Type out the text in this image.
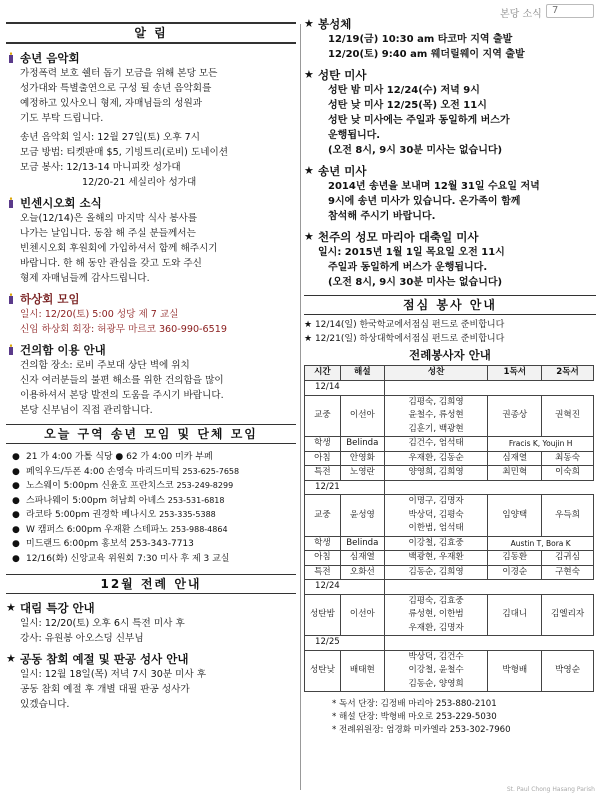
본당 소식	7
알 림
송년 음악회
가정폭력 보호 쉘터 돕기 모금을 위해 본당 모든
성가대와 특별출연으로 구성 될 송년 음악회를
예정하고 있사오니 형제, 자매님들의 성원과
기도 부탁 드립니다.
송년 음악회 일시: 12월 27일(토) 오후 7시
모금 방법: 티켓판매 $5, 기빙트리(로비) 도네이션
모금 봉사: 12/13-14 마니피캇 성가대
12/20-21 세실리아 성가대
빈센시오회 소식
오늘(12/14)은 올해의 마지막 식사 봉사를
나가는 날입니다. 동참 해 주실 분들께서는
빈첸시오회 후원회에 가입하셔서 함께 해주시기
바랍니다. 한 해 동안 관심을 갖고 도와 주신
형제 자매님들께 감사드립니다.
하상회 모임
일시: 12/20(토) 5:00 성당 제 7 교실
신임 하상회 회장: 허광무 마르코 360-990-6519
건의함 이용 안내
건의함 장소: 로비 주보대 상단 벽에 위치
신자 여러분들의 불편 해소를 위한 건의함을 많이
이용하셔서 본당 발전의 도움을 주시기 바랍니다.
본당 신부님이 직접 관리합니다.
오늘 구역 송년 모임 및 단체 모임
● 21 가 4:00 가톨 식당 ● 62 가 4:00 미카 부페
● 페익우드/두폰 4:00 손영숙 마리드미틱 253-625-7658
● 노스웨이 5:00pm 신윤호 프란치스코 253-249-8299
● 스파나웨이 5:00pm 허남희 아녜스 253-531-6818
● 라코타 5:00pm 권경학 베나시오 253-335-5388
● W 캠퍼스 6:00pm 우재환 스테파노 253-988-4864
● 미드랜드 6:00pm 홍보석 253-343-7713
● 12/16(화) 신앙교육 위원회 7:30 미사 후 제 3 교실
12월 전례 안내
★ 대림 특강 안내
일시: 12/20(토) 오후 6시 특전 미사 후
강사: 유원봉 아오스딩 신부님
★ 공동 참회 예절 및 판공 성사 안내
일시: 12월 18일(목) 저녁 7시 30분 미사 후
공동 참회 예절 후 개별 대필 판공 성사가
있겠습니다.
★ 봉성체
12/19(금) 10:30 am 타코마 지역 출발
12/20(토) 9:40 am 웨더릴웨이 지역 출발
★ 성탄 미사
성탄 밤 미사 12/24(수) 저녁 9시
성탄 낮 미사 12/25(목) 오전 11시
성탄 낮 미사에는 주일과 동일하게 버스가
운행됩니다.
(오전 8시, 9시 30분 미사는 없습니다)
★ 송년 미사
2014년 송년을 보내며 12월 31일 수요일 저녁
9시에 송년 미사가 있습니다. 온가족이 함께
참석해 주시기 바랍니다.
★ 천주의 성모 마리아 대축일 미사
일시: 2015년 1월 1일 목요일 오전 11시
주일과 동일하게 버스가 운행됩니다.
(오전 8시, 9시 30분 미사는 없습니다)
점심 봉사 안내
★ 12/14(일) 한국학교에서점심 펀드로 준비합니다
★ 12/21(일) 하상대학에서점심 펀드로 준비합니다
전례봉사자 안내
시간	해설	성찬	1독서	2독서
12/14				
교중	이선아	김평숙, 김희영
윤철수, 류성현
김훈기, 백광현	권종상	권혁진
학생	Belinda	김건수, 엄석태	Fracis K, Youjin H	
아침	안영화	우재환, 김동순	심재열	최동숙
특전	노영란	양영희, 김희영	최민혁	이숙희
12/21				
교중	윤성영	이명구, 김명자
박상덕, 김평숙
이한범, 엄석태	임양택	우득희
학생	Belinda	이강철, 김효중	Austin T, Bora K	
아침	심재열	백광현, 우재환	김동환	김귀심
특전	오화선	김동순, 김희영	이경순	구현숙
12/24				
성탄밤	이선아	김평숙, 김효중
류성현, 이한범
우재환, 김명자	김대니	김엘리자
12/25				
성탄낮	배태현	박상덕, 김건수
이강철, 윤철수
김동순, 양영희	박형배	박영순
* 독서 단장: 김정배 마리아 253-880-2101
* 해설 단장: 박형배 마오로 253-229-5030
* 전례위원장: 엄경화 미카엘라 253-302-7960
St. Paul Chong Hasang Parish
